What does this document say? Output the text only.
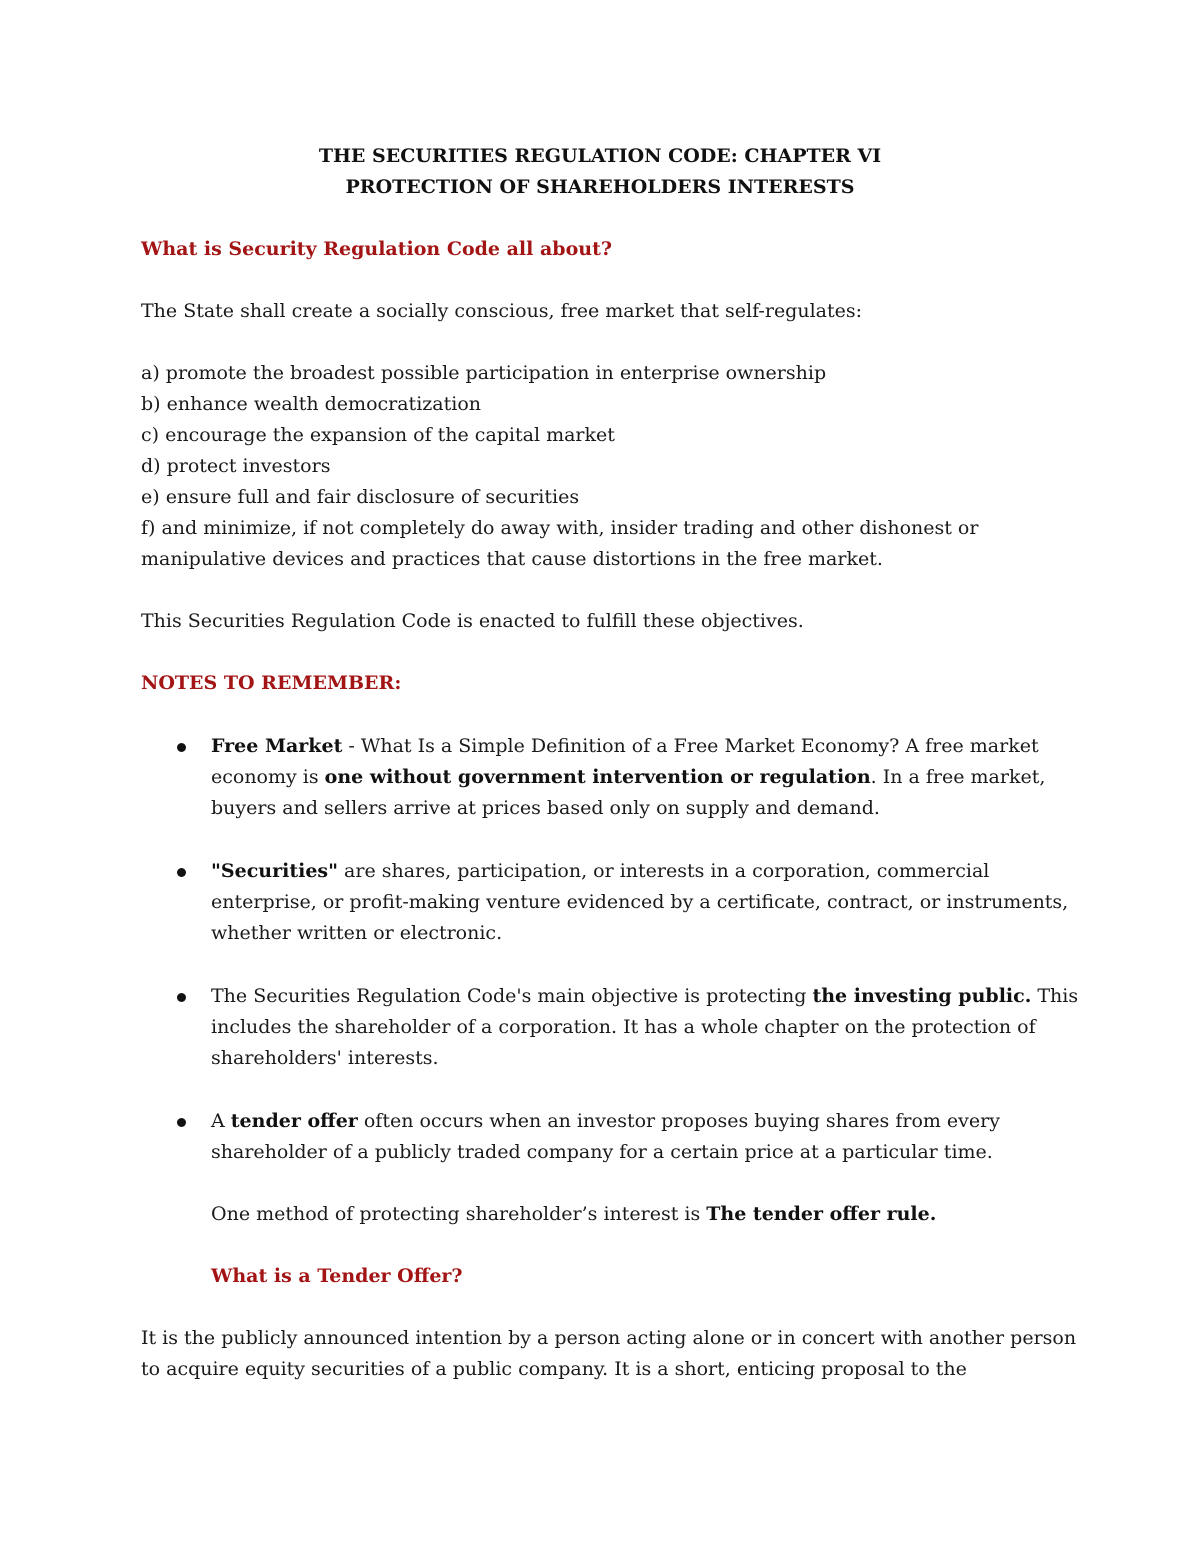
THE SECURITIES REGULATION CODE: CHAPTER VI
PROTECTION OF SHAREHOLDERS INTERESTS
What is Security Regulation Code all about?
The State shall create a socially conscious, free market that self-regulates:
a) promote the broadest possible participation in enterprise ownership
b) enhance wealth democratization
c) encourage the expansion of the capital market
d) protect investors
e) ensure full and fair disclosure of securities
f) and minimize, if not completely do away with, insider trading and other dishonest or
manipulative devices and practices that cause distortions in the free market.
This Securities Regulation Code is enacted to fulfill these objectives.
NOTES TO REMEMBER:
Free Market - What Is a Simple Definition of a Free Market Economy? A free market
economy is one without government intervention or regulation. In a free market,
buyers and sellers arrive at prices based only on supply and demand.
"Securities" are shares, participation, or interests in a corporation, commercial
enterprise, or profit-making venture evidenced by a certificate, contract, or instruments,
whether written or electronic.
The Securities Regulation Code's main objective is protecting the investing public. This
includes the shareholder of a corporation. It has a whole chapter on the protection of
shareholders' interests.
A tender offer often occurs when an investor proposes buying shares from every
shareholder of a publicly traded company for a certain price at a particular time.
One method of protecting shareholder’s interest is The tender offer rule.
What is a Tender Offer?
It is the publicly announced intention by a person acting alone or in concert with another person
to acquire equity securities of a public company. It is a short, enticing proposal to the
